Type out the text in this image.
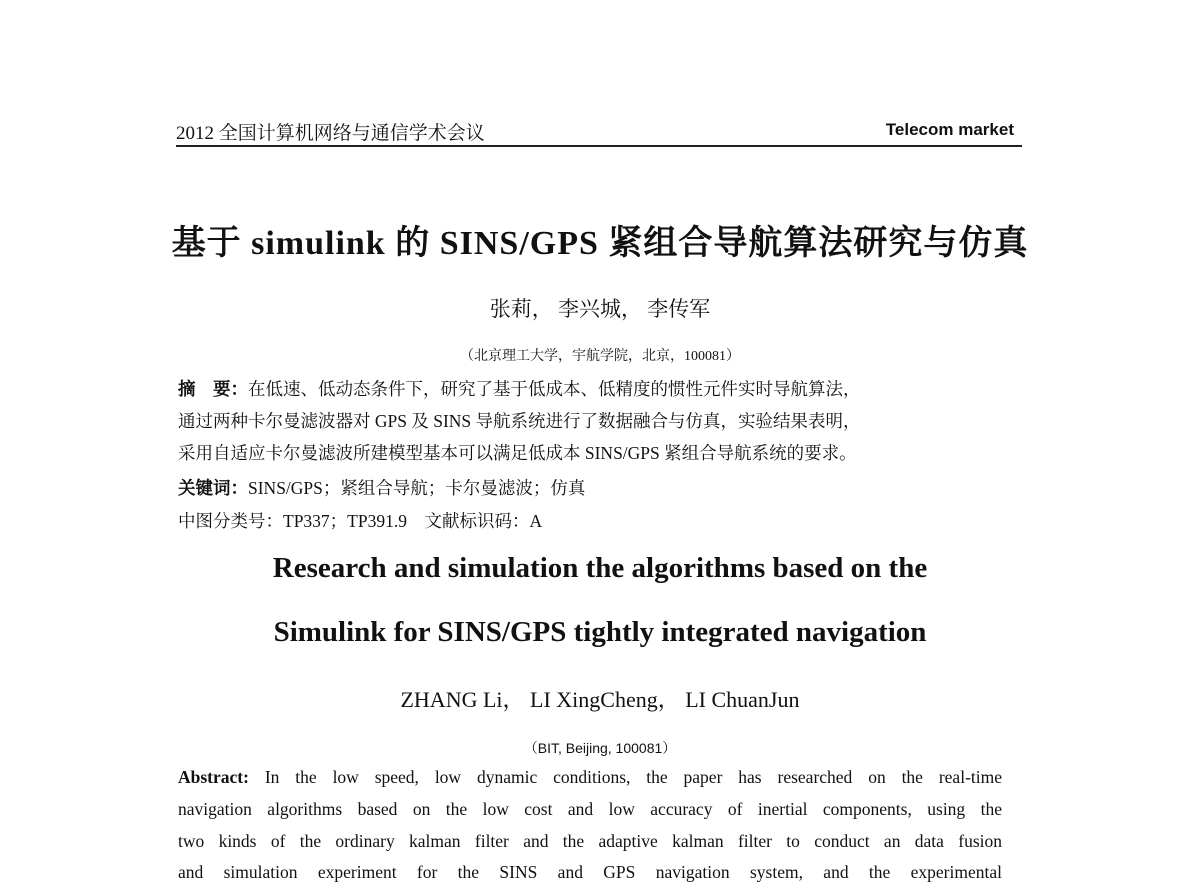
2012 全国计算机网络与通信学术会议	Telecom market
基于 simulink 的 SINS/GPS 紧组合导航算法研究与仿真
张莉， 李兴城， 李传军
（北京理工大学，宇航学院，北京，100081）
摘　要：在低速、低动态条件下，研究了基于低成本、低精度的惯性元件实时导航算法，
通过两种卡尔曼滤波器对 GPS 及 SINS 导航系统进行了数据融合与仿真，实验结果表明，
采用自适应卡尔曼滤波所建模型基本可以满足低成本 SINS/GPS 紧组合导航系统的要求。
关键词：SINS/GPS；紧组合导航；卡尔曼滤波；仿真
中图分类号：TP337；TP391.9　文献标识码：A
Research and simulation the algorithms based on the
Simulink for SINS/GPS tightly integrated navigation
ZHANG Li， LI XingCheng， LI ChuanJun
（BIT, Beijing, 100081）
Abstract: In the low speed, low dynamic conditions, the paper has researched on the real-time
navigation algorithms based on the low cost and low accuracy of inertial components, using the
two kinds of the ordinary kalman filter and the adaptive kalman filter to conduct an data fusion
and simulation experiment for the SINS and GPS navigation system, and the experimental
